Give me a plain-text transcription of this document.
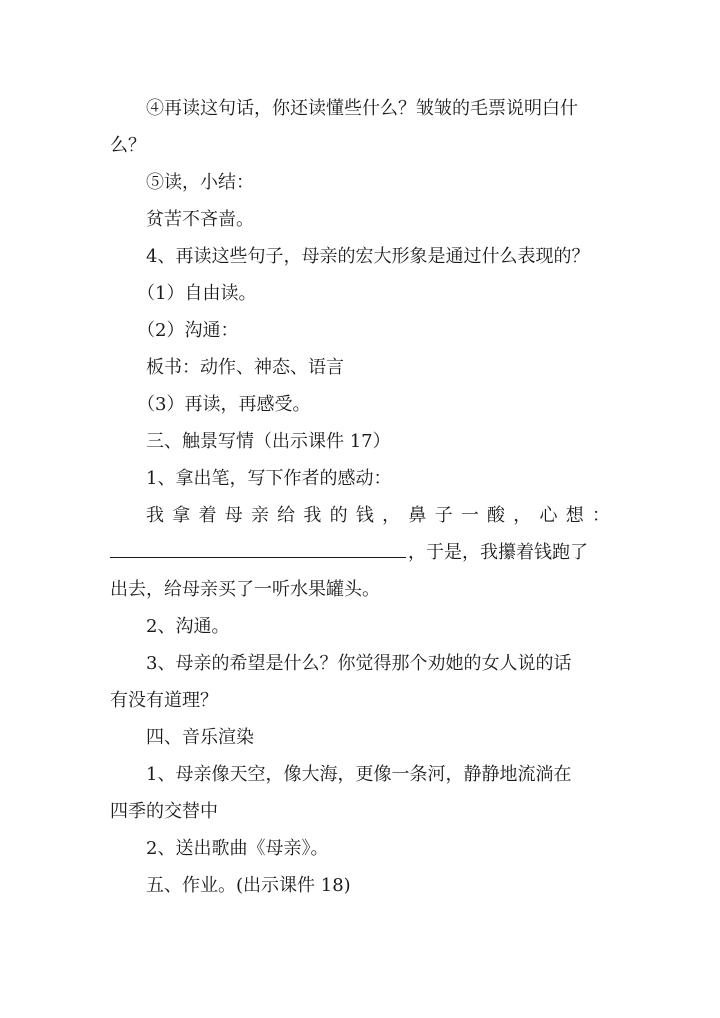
④再读这句话，你还读懂些什么？皱皱的毛票说明白什

么？

⑤读，小结：

贫苦不吝啬。

4、再读这些句子，母亲的宏大形象是通过什么表现的？

（1）自由读。

（2）沟通：

板书：动作、神态、语言

（3）再读，再感受。

三、触景写情（出示课件 17）

1、拿出笔，写下作者的感动：

我 拿 着 母 亲 给 我 的 钱 ， 鼻 子 一 酸 ， 心 想 ：
，于是，我攥着钱跑了

出去，给母亲买了一听水果罐头。

2、沟通。

3、母亲的希望是什么？你觉得那个劝她的女人说的话

有没有道理？

四、音乐渲染

1、母亲像天空，像大海，更像一条河，静静地流淌在

四季的交替中

2、送出歌曲《母亲》。

五、作业。(出示课件 18)
